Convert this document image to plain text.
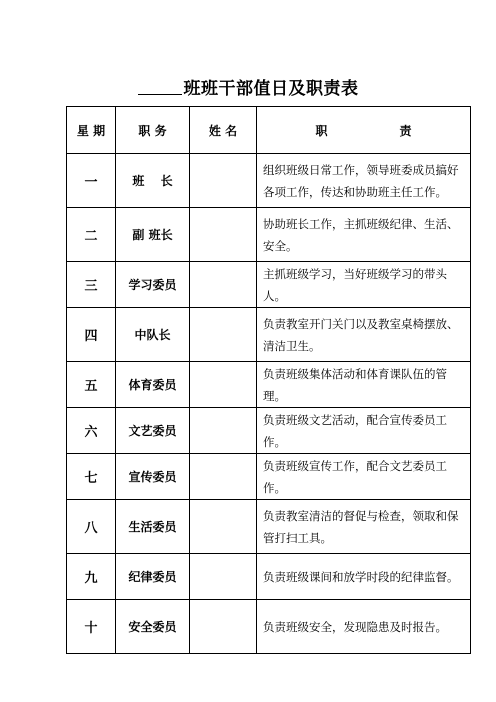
班班干部值日及职责表
星 期	职 务	姓 名	职　　　　　　责
一	班　 长		组织班级日常工作，领导班委成员搞好各项工作，传达和协助班主任工作。
二	副 班长		协助班长工作，主抓班级纪律、生活、安全。
三	学习委员		主抓班级学习，当好班级学习的带头人。
四	中队长		负责教室开门关门以及教室桌椅摆放、清洁卫生。
五	体育委员		负责班级集体活动和体育课队伍的管理。
六	文艺委员		负责班级文艺活动，配合宣传委员工作。
七	宣传委员		负责班级宣传工作，配合文艺委员工作。
八	生活委员		负责教室清洁的督促与检查，领取和保管打扫工具。
九	纪律委员		负责班级课间和放学时段的纪律监督。
十	安全委员		负责班级安全，发现隐患及时报告。
